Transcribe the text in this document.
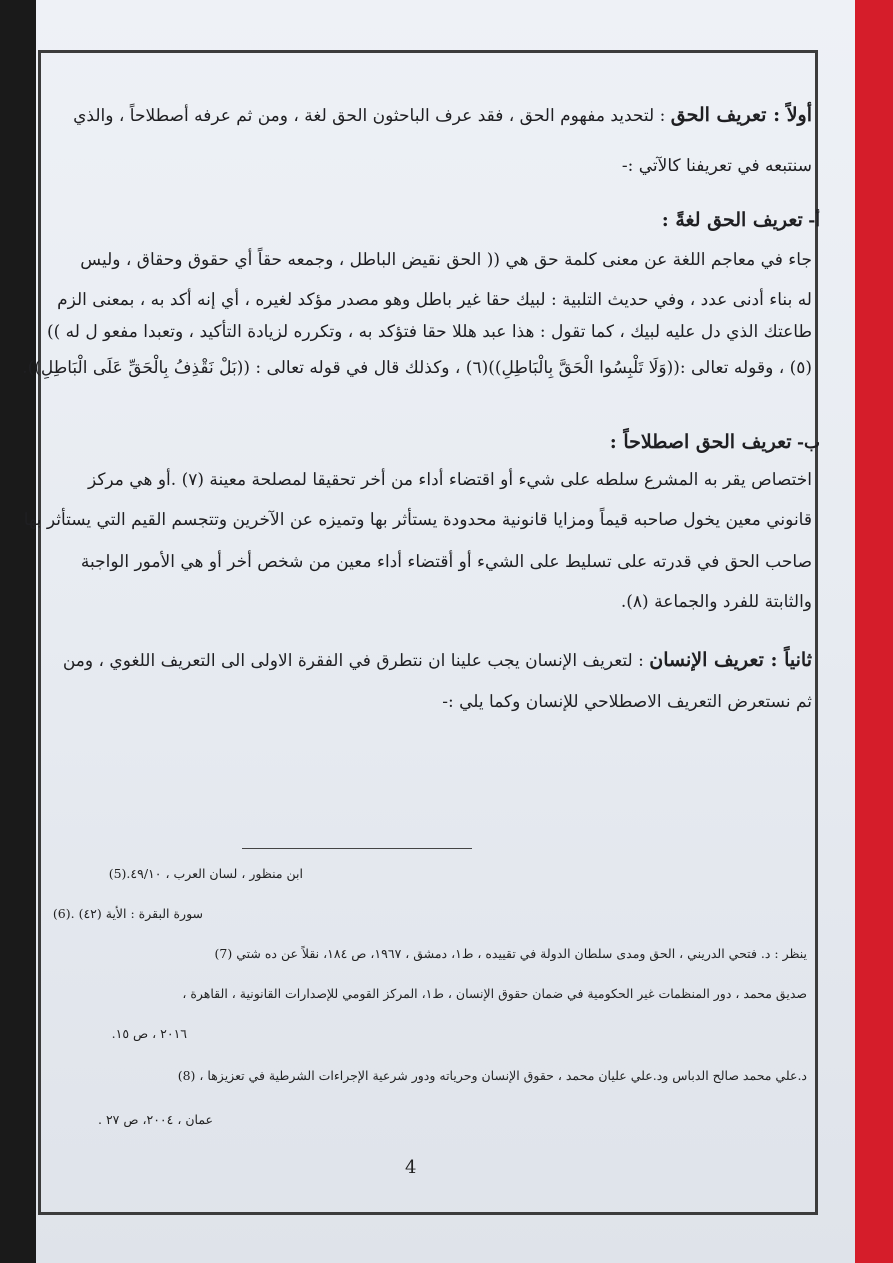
أولاً : تعريف الحق : لتحديد مفهوم الحق ، فقد عرف الباحثون الحق لغة ، ومن ثم عرفه أصطلاحاً ، والذي
سنتبعه في تعريفنا كالآتي :-
أ- تعريف الحق لغةً :
جاء في معاجم اللغة عن معنى كلمة حق هي (( الحق نقيض الباطل ، وجمعه حقاً أي حقوق وحقاق ، وليس
له بناء أدنى عدد ، وفي حديث التلبية : لبيك حقا غير باطل وهو مصدر مؤكد لغيره ، أي إنه أكد به ، بمعنى الزم
طاعتك الذي دل عليه لبيك ، كما تقول : هذا عبد هللا حقا فتؤكد به ، وتكرره لزيادة التأكيد ، وتعبدا مفعو ل له ))
(٥) ، وقوله تعالى :((وَلَا تَلْبِسُوا الْحَقَّ بِالْبَاطِلِ))(٦) ، وكذلك قال في قوله تعالى : ((بَلْ نَقْذِفُ بِالْحَقِّ عَلَى الْبَاطِلِ)).
ب- تعريف الحق اصطلاحاً :
اختصاص يقر به المشرع سلطه على شيء أو اقتضاء أداء من أخر تحقيقا لمصلحة معينة (٧) .أو هي مركز
قانوني معين يخول صاحبه قيماً ومزايا قانونية محدودة يستأثر بها وتميزه عن الآخرين وتتجسم القيم التي يستأثر بها
صاحب الحق في قدرته على تسليط على الشيء أو أقتضاء أداء معين من شخص أخر أو هي الأمور الواجبة
والثابتة للفرد والجماعة (٨).
ثانياً : تعريف الإنسان : لتعريف الإنسان يجب علينا ان نتطرق في الفقرة الاولى الى التعريف اللغوي ، ومن
ثم نستعرض التعريف الاصطلاحي للإنسان وكما يلي :-
ابن منظور ، لسان العرب ، ٤٩/١٠.(5)
سورة البقرة : الأية (٤٢) .(6)
ينظر : د. فتحي الدريني ، الحق ومدى سلطان الدولة في تقييده ، ط١، دمشق ، ١٩٦٧، ص ١٨٤، نقلاً عن ده شتي (7)
صديق محمد ، دور المنظمات غير الحكومية في ضمان حقوق الإنسان ، ط١، المركز القومي للإصدارات القانونية ، القاهرة ،
٢٠١٦ ، ص ١٥.
د.علي محمد صالح الدباس ود.علي عليان محمد ، حقوق الإنسان وحرياته ودور شرعية الإجراءات الشرطية في تعزيزها ، (8)
عمان ، ٢٠٠٤، ص ٢٧ .
4
